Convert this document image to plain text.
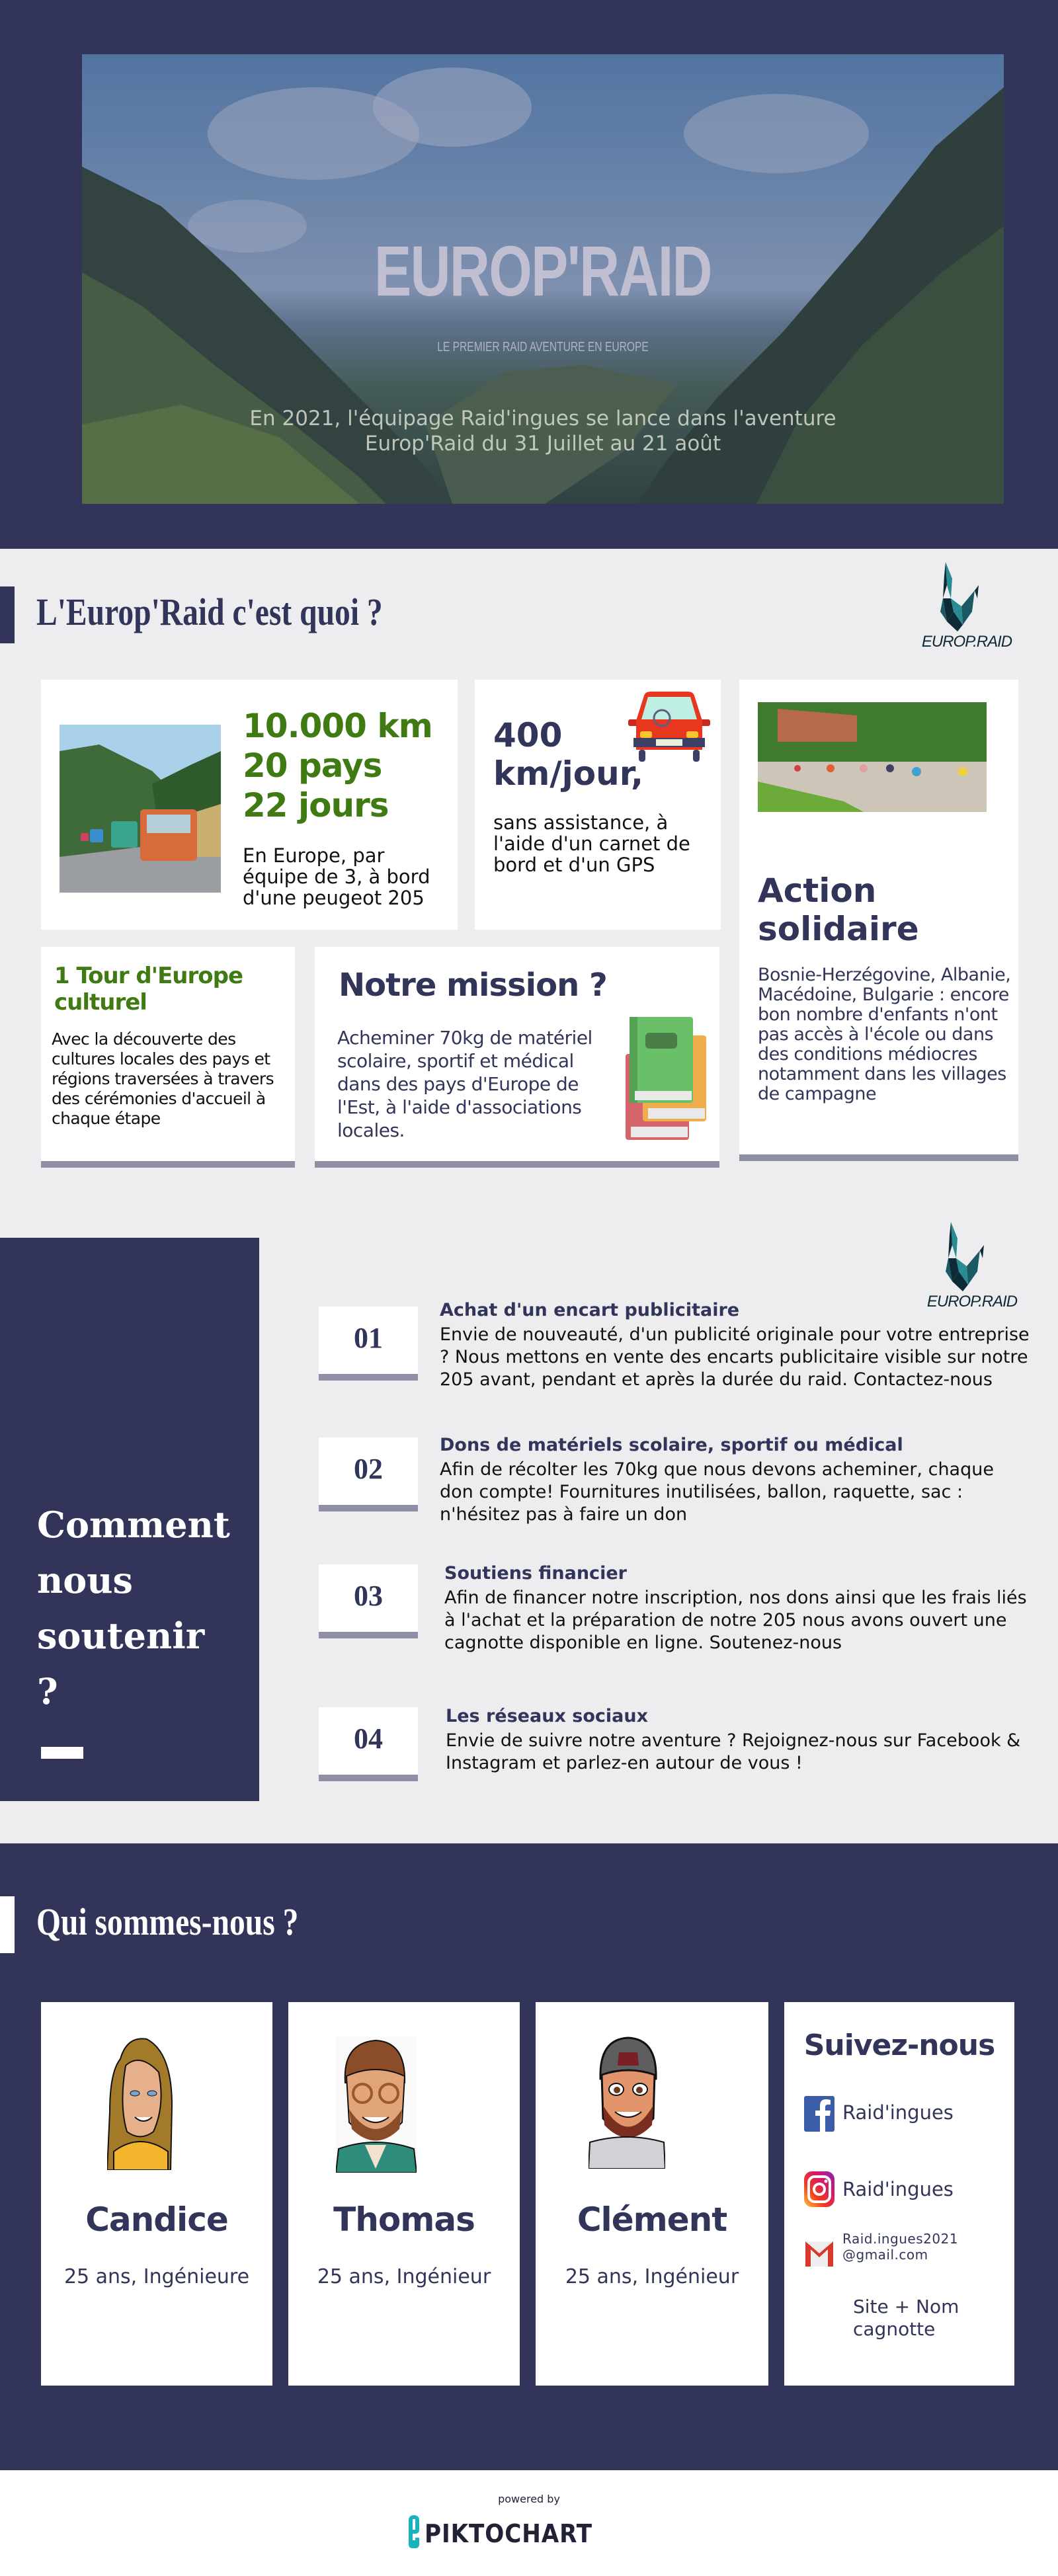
EUROP'RAID
LE PREMIER RAID AVENTURE EN EUROPE
En 2021, l'équipage Raid'ingues se lance dans l'aventure
Europ'Raid du 31 Juillet au 21 août
L'Europ'Raid c'est quoi ?
EUROP.RAID
10.000 km
20 pays
22 jours
En Europe, par équipe de 3, à bord d'une peugeot 205
400
km/jour,
sans assistance, à l'aide d'un carnet de bord et d'un GPS
Action
solidaire
Bosnie-Herzégovine, Albanie, Macédoine, Bulgarie : encore bon nombre d'enfants n'ont pas accès à l'école ou dans des conditions médiocres notamment dans les villages de campagne
1 Tour d'Europe
culturel
Avec la découverte des cultures locales des pays et régions traversées à travers des cérémonies d'accueil à chaque étape
Notre mission ?
Acheminer 70kg de matériel scolaire, sportif et médical dans des pays d'Europe de l'Est, à l'aide d'associations locales.
Comment
nous
soutenir
?
EUROP.RAID
01
Achat d'un encart publicitaire
Envie de nouveauté, d'un publicité originale pour votre entreprise ? Nous mettons en vente des encarts publicitaire visible sur notre 205 avant, pendant et après la durée du raid. Contactez-nous
02
Dons de matériels scolaire, sportif ou médical
Afin de récolter les 70kg que nous devons acheminer, chaque don compte! Fournitures inutilisées, ballon, raquette, sac : n'hésitez pas à faire un don
03
Soutiens financier
Afin de financer notre inscription, nos dons ainsi que les frais liés à l'achat et la préparation de notre 205 nous avons ouvert une cagnotte disponible en ligne. Soutenez-nous
04
Les réseaux sociaux
Envie de suivre notre aventure ? Rejoignez-nous sur Facebook & Instagram et parlez-en autour de vous !
Qui sommes-nous ?
Candice
25 ans, Ingénieure
Thomas
25 ans, Ingénieur
Clément
25 ans, Ingénieur
Suivez-nous
Raid'ingues
Raid'ingues
Raid.ingues2021
@gmail.com
Site + Nom
cagnotte
powered by
PIKTOCHART
